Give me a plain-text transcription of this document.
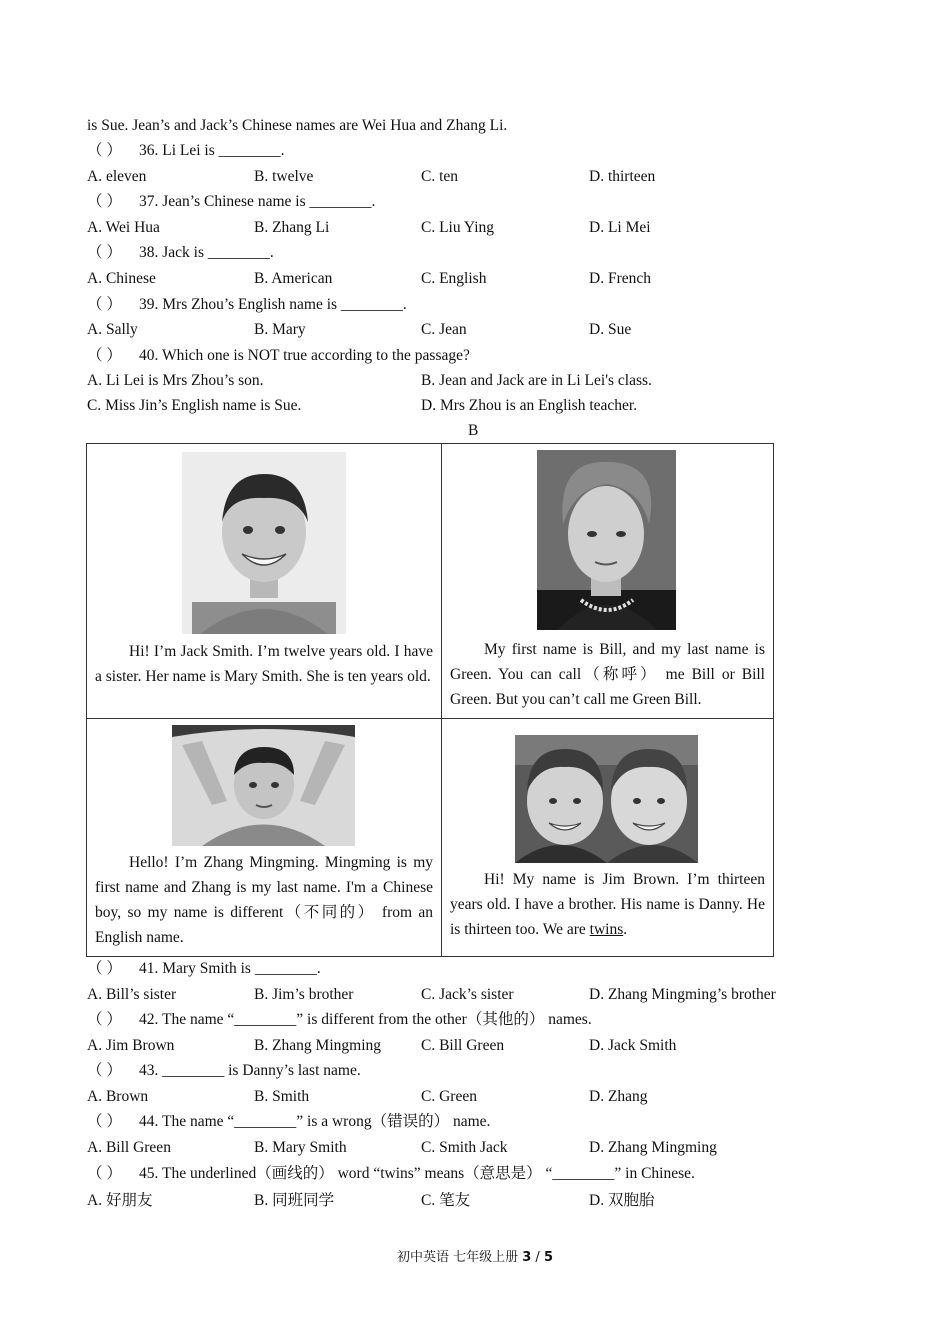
is Sue. Jean’s and Jack’s Chinese names are Wei Hua and Zhang Li.
（ ） 36. Li Lei is ________.
A. eleven	B. twelve	C. ten	D. thirteen
（ ） 37. Jean’s Chinese name is ________.
A. Wei Hua	B. Zhang Li	C. Liu Ying	D. Li Mei
（ ） 38. Jack is ________.
A. Chinese	B. American	C. English	D. French
（ ） 39. Mrs Zhou’s English name is ________.
A. Sally	B. Mary	C. Jean	D. Sue
（ ） 40. Which one is NOT true according to the passage?
A. Li Lei is Mrs Zhou’s son.	B. Jean and Jack are in Li Lei's class.
C. Miss Jin’s English name is Sue.	D. Mrs Zhou is an English teacher.
B
Hi! I’m Jack Smith. I’m twelve years old. I have a sister. Her name is Mary Smith. She is ten years old.	My first name is Bill, and my last name is Green. You can call（称呼） me Bill or Bill Green. But you can’t call me Green Bill.

Hello! I’m Zhang Mingming. Mingming is my first name and Zhang is my last name. I'm a Chinese boy, so my name is different（不同的） from an English name.	Hi! My name is Jim Brown. I’m thirteen years old. I have a brother. His name is Danny. He is thirteen too. We are twins.
（ ） 41. Mary Smith is ________.
A. Bill’s sister	B. Jim’s brother	C. Jack’s sister	D. Zhang Mingming’s brother
（ ） 42. The name “________” is different from the other（其他的） names.
A. Jim Brown	B. Zhang Mingming	C. Bill Green	D. Jack Smith
（ ） 43. ________ is Danny’s last name.
A. Brown	B. Smith	C. Green	D. Zhang
（ ） 44. The name “________” is a wrong（错误的） name.
A. Bill Green	B. Mary Smith	C. Smith Jack	D. Zhang Mingming
（ ） 45. The underlined（画线的） word “twins” means（意思是） “________” in Chinese.
A. 好朋友	B. 同班同学	C. 笔友	D. 双胞胎
初中英语 七年级上册 3 / 5
